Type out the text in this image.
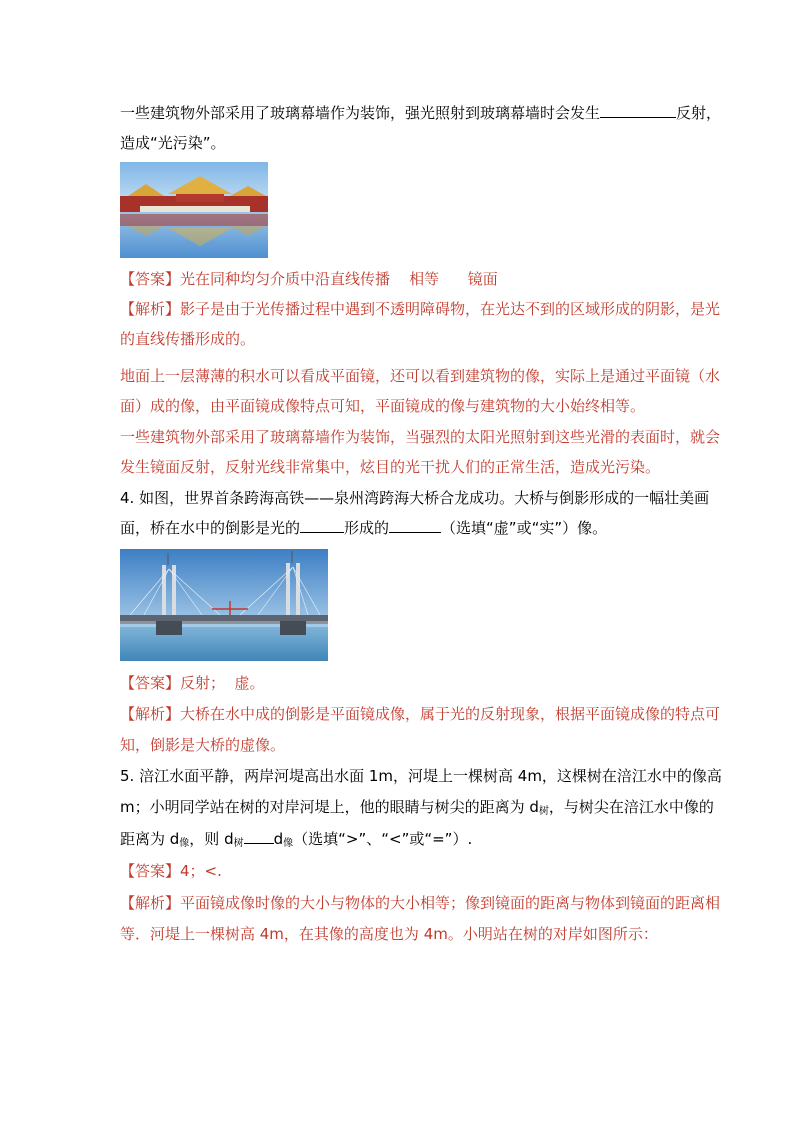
一些建筑物外部采用了玻璃幕墙作为装饰，强光照射到玻璃幕墙时会发生	反射，
造成“光污染”。
【答案】光在同种均匀介质中沿直线传播    相等      镜面
【解析】影子是由于光传播过程中遇到不透明障碍物，在光达不到的区域形成的阴影，是光
的直线传播形成的。
地面上一层薄薄的积水可以看成平面镜，还可以看到建筑物的像，实际上是通过平面镜（水
面）成的像，由平面镜成像特点可知，平面镜成的像与建筑物的大小始终相等。
一些建筑物外部采用了玻璃幕墙作为装饰，当强烈的太阳光照射到这些光滑的表面时，就会
发生镜面反射，反射光线非常集中，炫目的光干扰人们的正常生活，造成光污染。
4. 如图，世界首条跨海高铁——泉州湾跨海大桥合龙成功。大桥与倒影形成的一幅壮美画
面，桥在水中的倒影是光的	形成的	（选填“虚”或“实”）像。
【答案】反射；  虚。
【解析】大桥在水中成的倒影是平面镜成像，属于光的反射现象，根据平面镜成像的特点可
知，倒影是大桥的虚像。
5. 涪江水面平静，两岸河堤高出水面 1m，河堤上一棵树高 4m，这棵树在涪江水中的像高
m；小明同学站在树的对岸河堤上，他的眼睛与树尖的距离为 $d_树$，与树尖在涪江水中像的
距离为 $d_像$，则 $d_树$ $d_像$（选填“>”、“<”或“=”）.
【答案】4；<.
【解析】平面镜成像时像的大小与物体的大小相等；像到镜面的距离与物体到镜面的距离相
等．河堤上一棵树高 4m，在其像的高度也为 4m。小明站在树的对岸如图所示：
